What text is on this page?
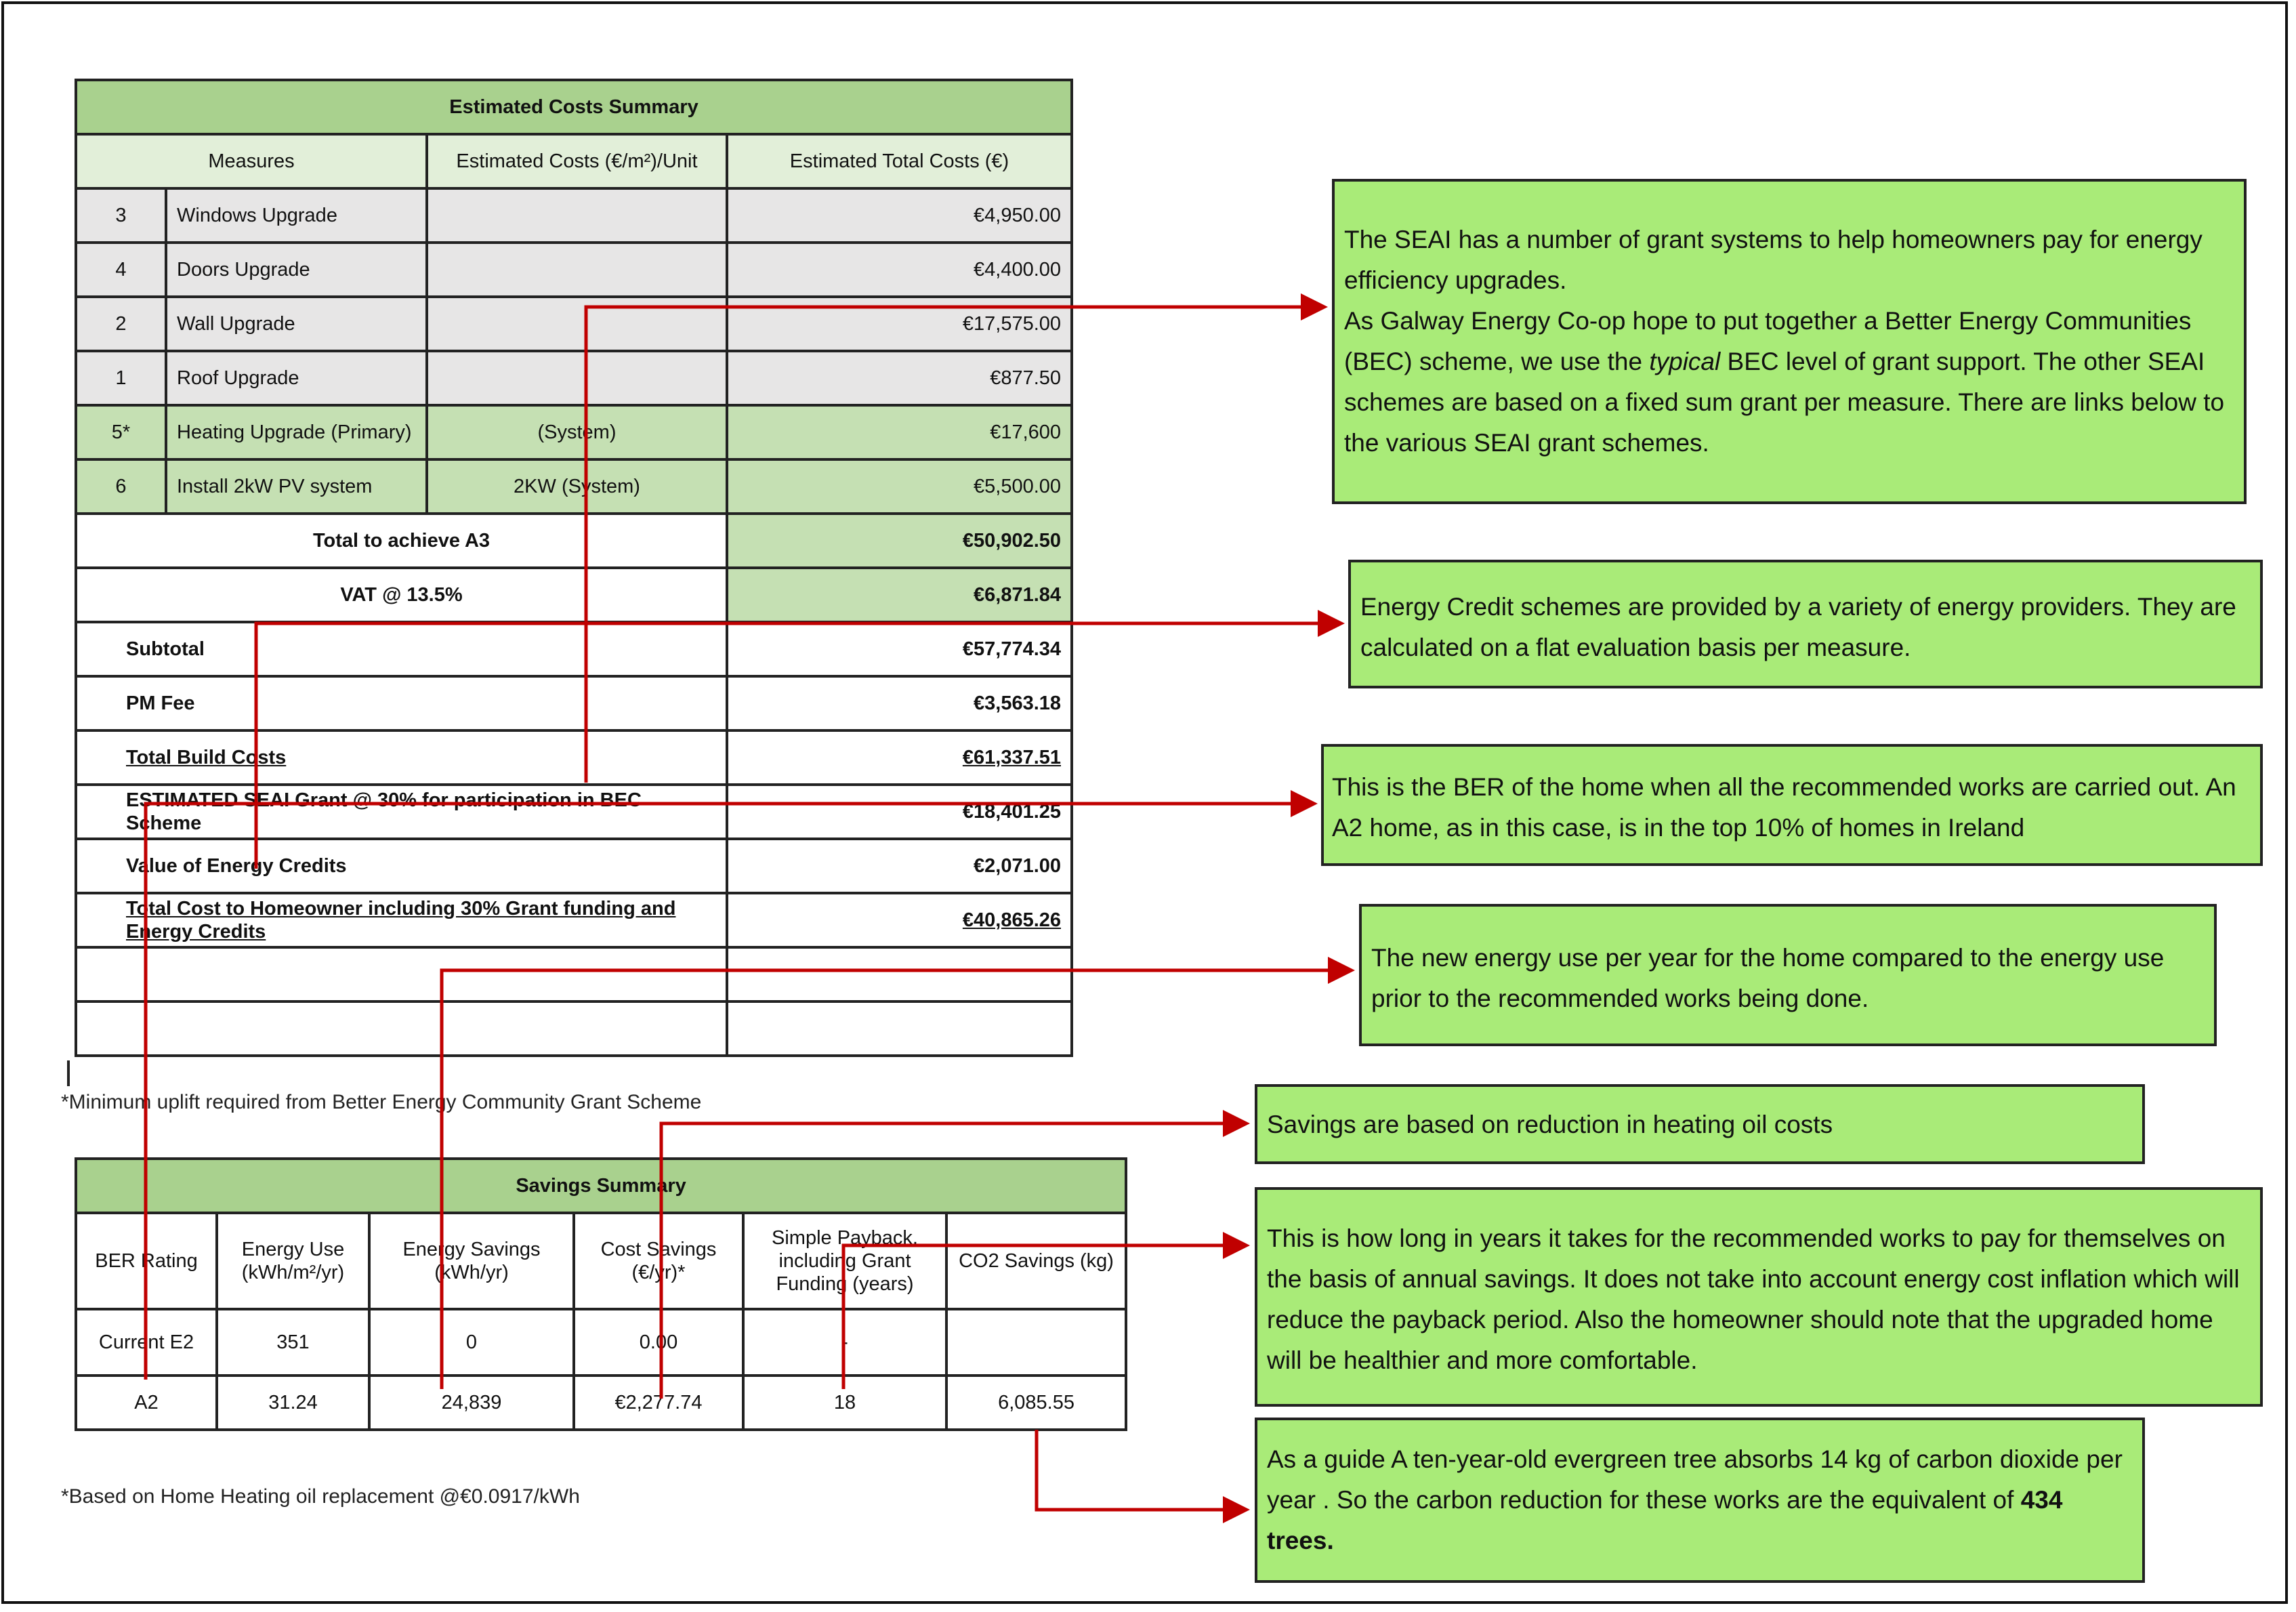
Estimated Costs Summary			
Measures		Estimated Costs (€/m²)/Unit	Estimated Total Costs (€)
3	Windows Upgrade		€4,950.00
4	Doors Upgrade		€4,400.00
2	Wall Upgrade		€17,575.00
1	Roof Upgrade		€877.50
5*	Heating Upgrade (Primary)	(System)	€17,600
6	Install 2kW PV system	2KW (System)	€5,500.00
Total to achieve A3			€50,902.50
VAT @ 13.5%			€6,871.84
Subtotal			€57,774.34
PM Fee			€3,563.18
Total Build Costs			€61,337.51
ESTIMATED SEAI Grant @ 30% for participation in BEC Scheme			€18,401.25
Value of Energy Credits			€2,071.00
Total Cost to Homeowner including 30% Grant funding and Energy Credits			€40,865.26

*Minimum uplift required from Better Energy Community Grant Scheme
Savings Summary					
BER Rating	Energy Use (kWh/m²/yr)	Energy Savings (kWh/yr)	Cost Savings (€/yr)*	Simple Payback, including Grant Funding (years)	CO2 Savings (kg)
Current E2	351	0	0.00	-	
A2	31.24	24,839	€2,277.74	18	6,085.55
*Based on Home Heating oil replacement @€0.0917/kWh

The SEAI has a number of grant systems to help homeowners pay for energy efficiency upgrades.

As Galway Energy Co-op hope to put together a Better Energy Communities (BEC) scheme, we use the typical BEC level of grant support. The other SEAI schemes are based on a fixed sum grant per measure. There are links below to the various SEAI grant schemes.

Energy Credit schemes are provided by a variety of energy providers. They are calculated on a flat evaluation basis per measure.

This is the BER of the home when all the recommended works are carried out. An A2 home, as in this case, is in the top 10% of homes in Ireland

The new energy use per year for the home compared to the energy use prior to the recommended works being done.

Savings are based on reduction in heating oil costs

This is how long in years it takes for the recommended works to pay for themselves on the basis of annual savings. It does not take into account energy cost inflation which will reduce the payback period. Also the homeowner should note that the upgraded home will be healthier and more comfortable.

As a guide A ten-year-old evergreen tree absorbs 14 kg of carbon dioxide per year . So the carbon reduction for these works are the equivalent of 434 trees.
